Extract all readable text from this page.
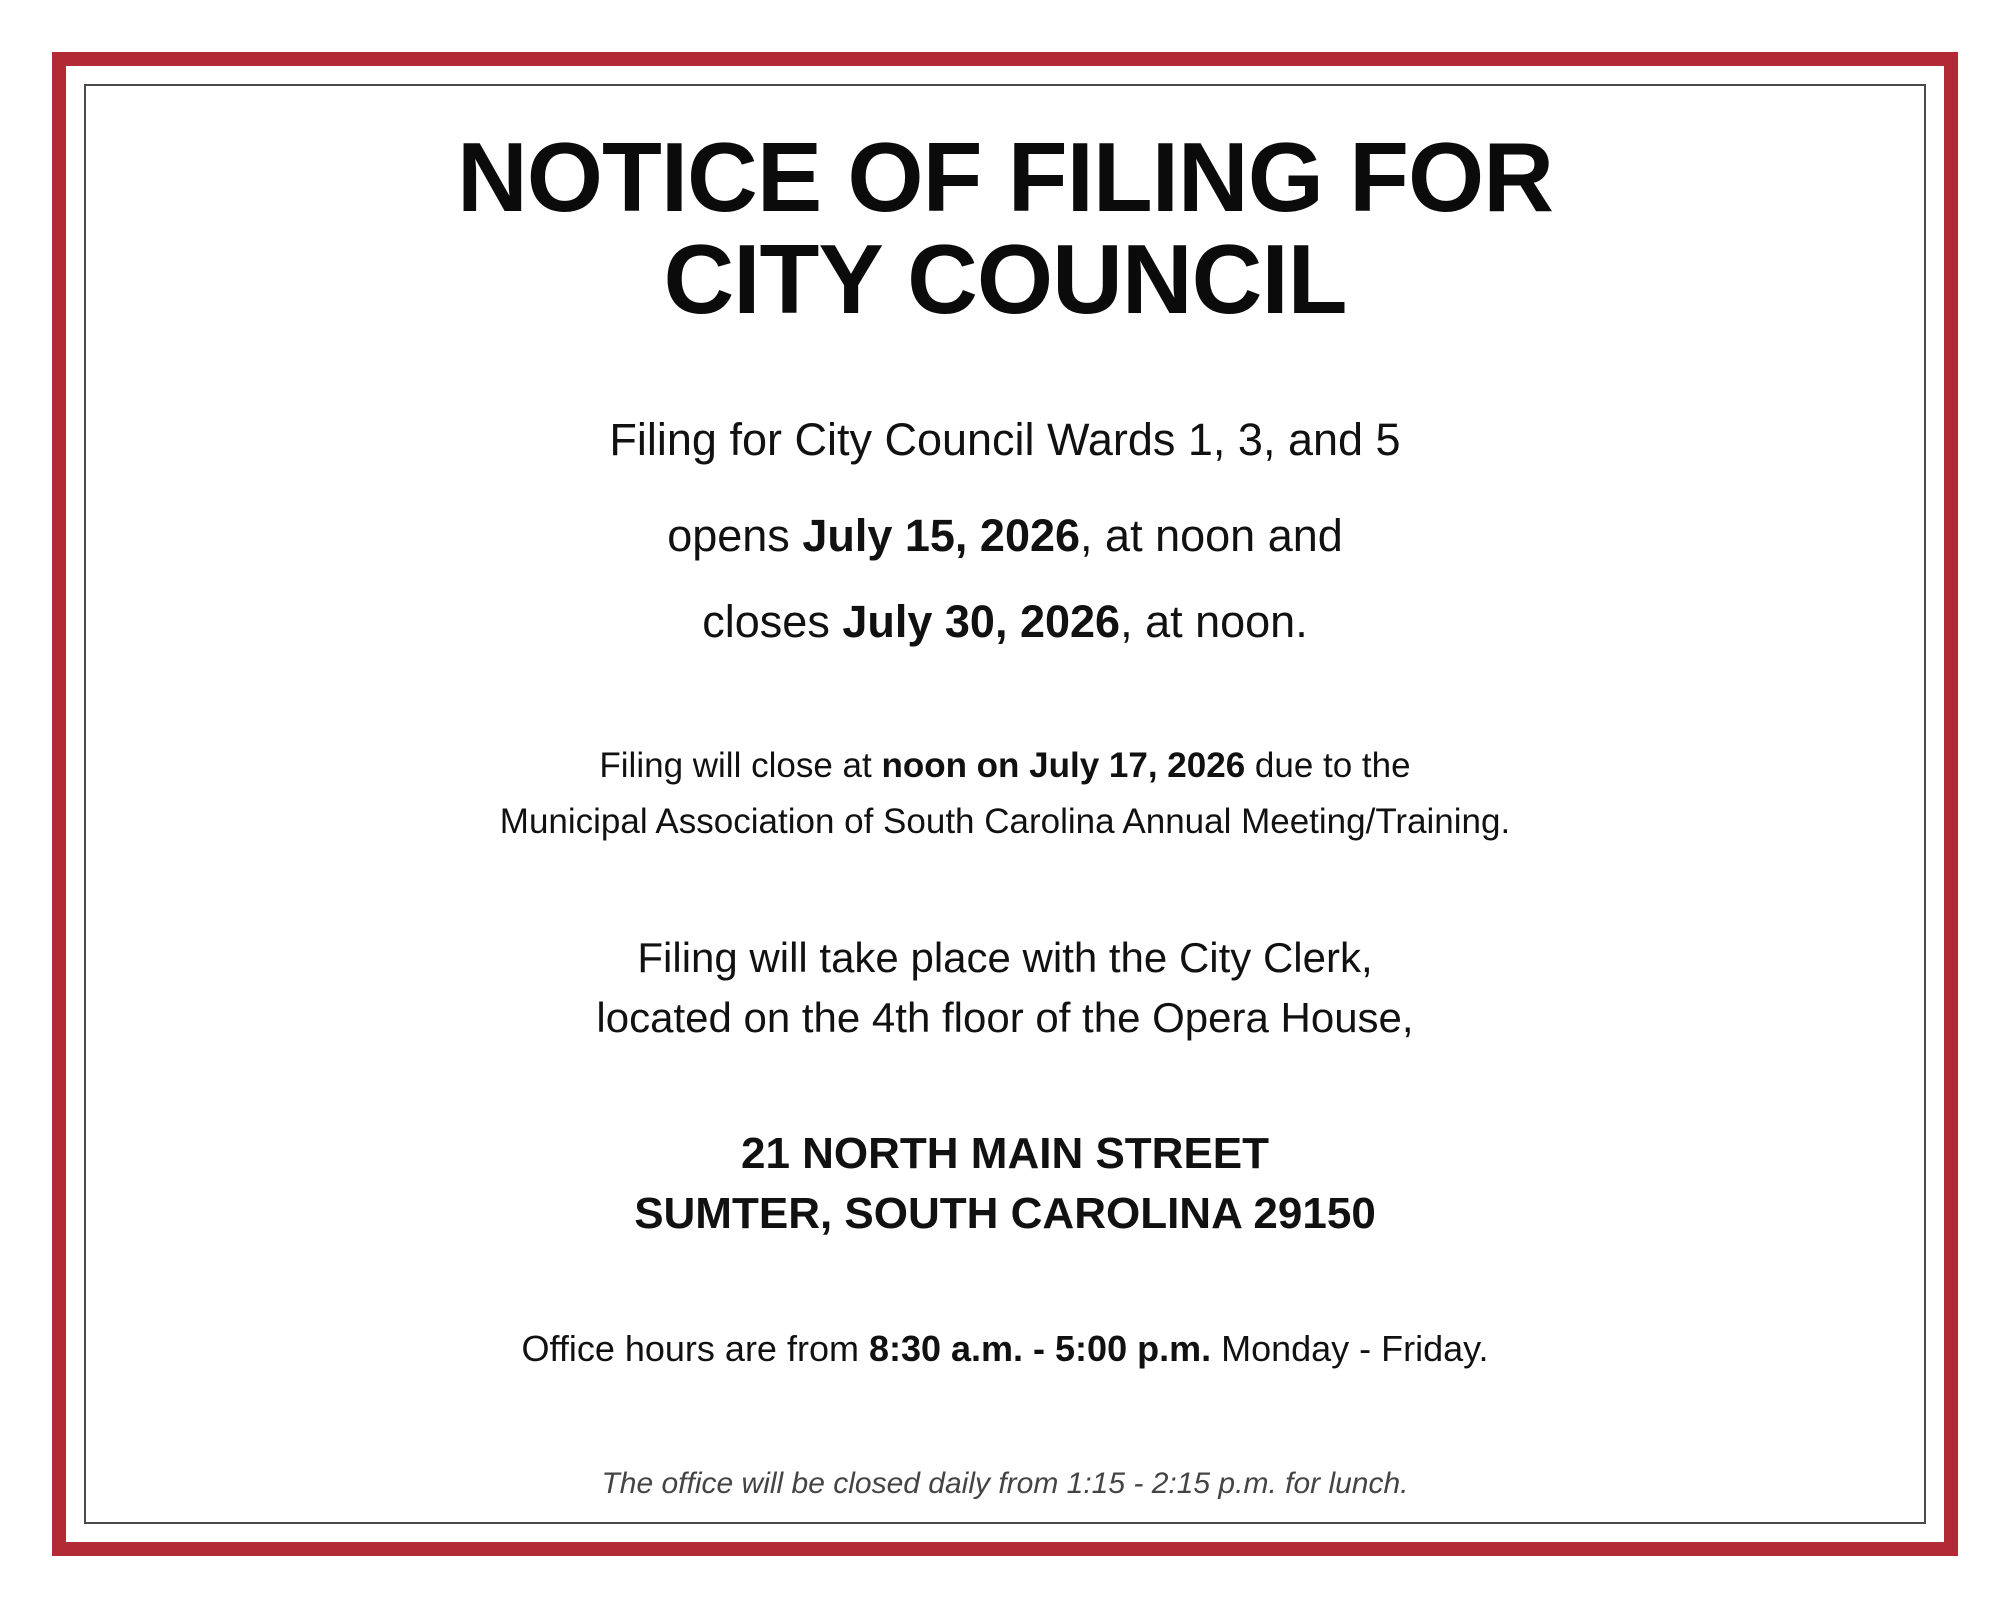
NOTICE OF FILING FOR
CITY COUNCIL
Filing for City Council Wards 1, 3, and 5
opens July 15, 2026, at noon and
closes July 30, 2026, at noon.
Filing will close at noon on July 17, 2026 due to the
Municipal Association of South Carolina Annual Meeting/Training.
Filing will take place with the City Clerk,
located on the 4th floor of the Opera House,
21 NORTH MAIN STREET
SUMTER, SOUTH CAROLINA 29150
Office hours are from 8:30 a.m. - 5:00 p.m. Monday - Friday.
The office will be closed daily from 1:15 - 2:15 p.m. for lunch.
